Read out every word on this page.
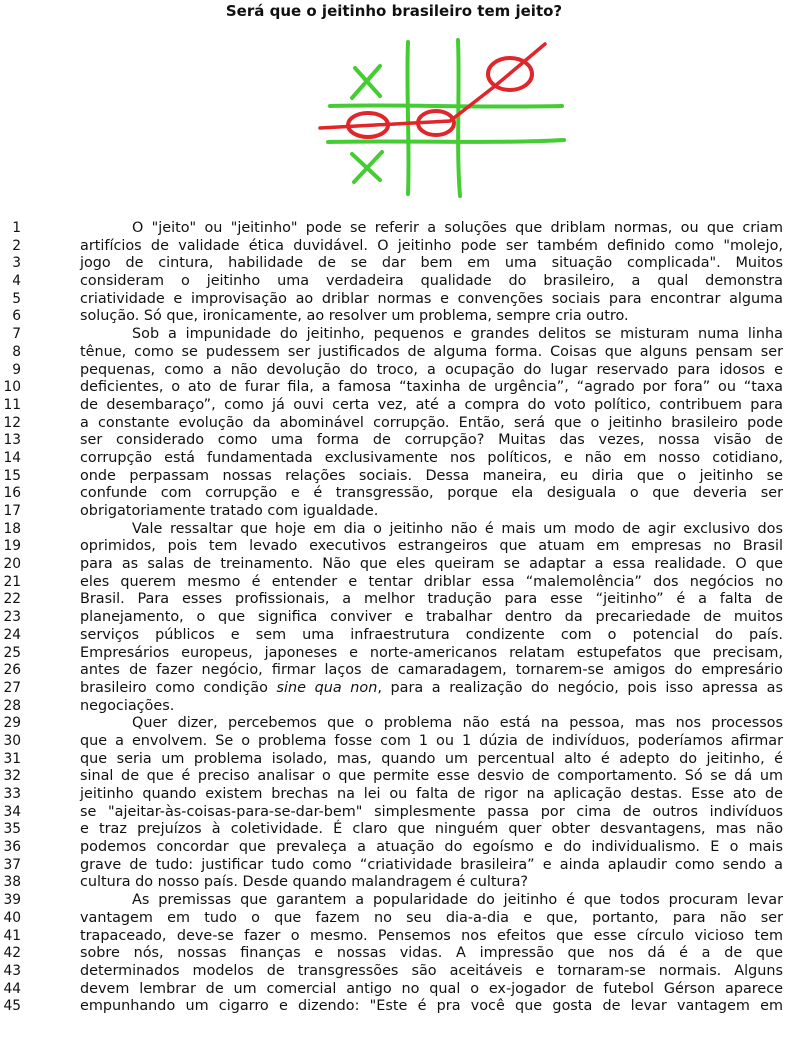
Será que o jeitinho brasileiro tem jeito?
1	O "jeito" ou "jeitinho" pode se referir a soluções que driblam normas, ou que criam
2	artifícios de validade ética duvidável. O jeitinho pode ser também definido como "molejo,
3	jogo de cintura, habilidade de se dar bem em uma situação complicada". Muitos
4	consideram o jeitinho uma verdadeira qualidade do brasileiro, a qual demonstra
5	criatividade e improvisação ao driblar normas e convenções sociais para encontrar alguma
6	solução. Só que, ironicamente, ao resolver um problema, sempre cria outro.
7	Sob a impunidade do jeitinho, pequenos e grandes delitos se misturam numa linha
8	tênue, como se pudessem ser justificados de alguma forma. Coisas que alguns pensam ser
9	pequenas, como a não devolução do troco, a ocupação do lugar reservado para idosos e
10	deficientes, o ato de furar fila, a famosa “taxinha de urgência”, “agrado por fora” ou “taxa
11	de desembaraço”, como já ouvi certa vez, até a compra do voto político, contribuem para
12	a constante evolução da abominável corrupção. Então, será que o jeitinho brasileiro pode
13	ser considerado como uma forma de corrupção? Muitas das vezes, nossa visão de
14	corrupção está fundamentada exclusivamente nos políticos, e não em nosso cotidiano,
15	onde perpassam nossas relações sociais. Dessa maneira, eu diria que o jeitinho se
16	confunde com corrupção e é transgressão, porque ela desiguala o que deveria ser
17	obrigatoriamente tratado com igualdade.
18	Vale ressaltar que hoje em dia o jeitinho não é mais um modo de agir exclusivo dos
19	oprimidos, pois tem levado executivos estrangeiros que atuam em empresas no Brasil
20	para as salas de treinamento. Não que eles queiram se adaptar a essa realidade. O que
21	eles querem mesmo é entender e tentar driblar essa “malemolência” dos negócios no
22	Brasil. Para esses profissionais, a melhor tradução para esse “jeitinho” é a falta de
23	planejamento, o que significa conviver e trabalhar dentro da precariedade de muitos
24	serviços públicos e sem uma infraestrutura condizente com o potencial do país.
25	Empresários europeus, japoneses e norte-americanos relatam estupefatos que precisam,
26	antes de fazer negócio, firmar laços de camaradagem, tornarem-se amigos do empresário
27	brasileiro como condição sine qua non, para a realização do negócio, pois isso apressa as
28	negociações.
29	Quer dizer, percebemos que o problema não está na pessoa, mas nos processos
30	que a envolvem. Se o problema fosse com 1 ou 1 dúzia de indivíduos, poderíamos afirmar
31	que seria um problema isolado, mas, quando um percentual alto é adepto do jeitinho, é
32	sinal de que é preciso analisar o que permite esse desvio de comportamento. Só se dá um
33	jeitinho quando existem brechas na lei ou falta de rigor na aplicação destas. Esse ato de
34	se "ajeitar-às-coisas-para-se-dar-bem" simplesmente passa por cima de outros indivíduos
35	e traz prejuízos à coletividade. É claro que ninguém quer obter desvantagens, mas não
36	podemos concordar que prevaleça a atuação do egoísmo e do individualismo. E o mais
37	grave de tudo: justificar tudo como “criatividade brasileira” e ainda aplaudir como sendo a
38	cultura do nosso país. Desde quando malandragem é cultura?
39	As premissas que garantem a popularidade do jeitinho é que todos procuram levar
40	vantagem em tudo o que fazem no seu dia-a-dia e que, portanto, para não ser
41	trapaceado, deve-se fazer o mesmo. Pensemos nos efeitos que esse círculo vicioso tem
42	sobre nós, nossas finanças e nossas vidas. A impressão que nos dá é a de que
43	determinados modelos de transgressões são aceitáveis e tornaram-se normais. Alguns
44	devem lembrar de um comercial antigo no qual o ex-jogador de futebol Gérson aparece
45	empunhando um cigarro e dizendo: "Este é pra você que gosta de levar vantagem em
